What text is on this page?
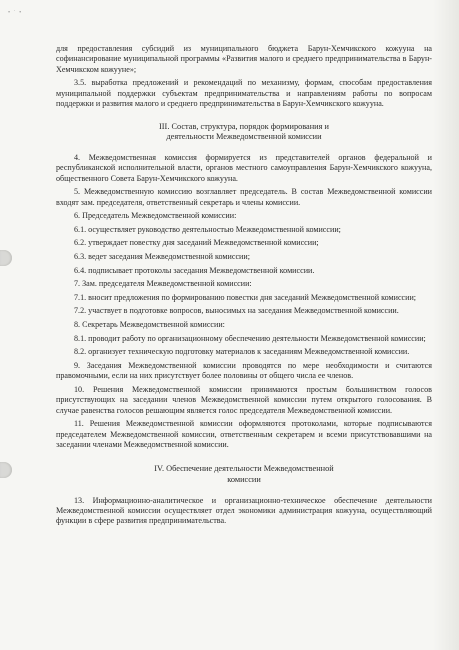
• ˙ •

для предоставления субсидий из муниципального бюджета Барун-Хемчикского кожууна на софинансирование муниципальной программы «Развития малого и среднего предпринимательства в Барун-Хемчикском кожууне»;

3.5. выработка предложений и рекомендаций по механизму, формам, способам предоставления муниципальной поддержки субъектам предпринимательства и направлениям работы по вопросам поддержки и развития малого и среднего предпринимательства в Барун-Хемчикского кожууна.

III. Состав, структура, порядок формирования и
деятельности Межведомственной комиссии

4. Межведомственная комиссия формируется из представителей органов федеральной и республиканской исполнительной власти, органов местного самоуправления Барун-Хемчикского кожууна, общественного Совета Барун-Хемчикского кожууна.

5. Межведомственную комиссию возглавляет председатель. В состав Межведомственной комиссии входят зам. председателя, ответственный секретарь и члены комиссии.

6. Председатель Межведомственной комиссии:

6.1. осуществляет руководство деятельностью Межведомственной комиссии;

6.2. утверждает повестку дня заседаний Межведомственной комиссии;

6.3. ведет заседания Межведомственной комиссии;

6.4. подписывает протоколы заседания Межведомственной комиссии.

7. Зам. председателя Межведомственной комиссии:

7.1. вносит предложения по формированию повестки дня заседаний Межведомственной комиссии;

7.2. участвует в подготовке вопросов, выносимых на заседания Межведомственной комиссии.

8. Секретарь Межведомственной комиссии:

8.1. проводит работу по организационному обеспечению деятельности Межведомственной комиссии;

8.2. организует техническую подготовку материалов к заседаниям Межведомственной комиссии.

9. Заседания Межведомственной комиссии проводятся по мере необходимости и считаются правомочными, если на них присутствует более половины от общего числа ее членов.

10. Решения Межведомственной комиссии принимаются простым большинством голосов присутствующих на заседании членов Межведомственной комиссии путем открытого голосования. В случае равенства голосов решающим является голос председателя Межведомственной комиссии.

11. Решения Межведомственной комиссии оформляются протоколами, которые подписываются председателем Межведомственной комиссии, ответственным секретарем и всеми присутствовавшими на заседании членами Межведомственной комиссии.

IV. Обеспечение деятельности Межведомственной
комиссии

13. Информационно-аналитическое и организационно-техническое обеспечение деятельности Межведомственной комиссии осуществляет отдел экономики администрация кожууна, осуществляющий функции в сфере развития предпринимательства.
